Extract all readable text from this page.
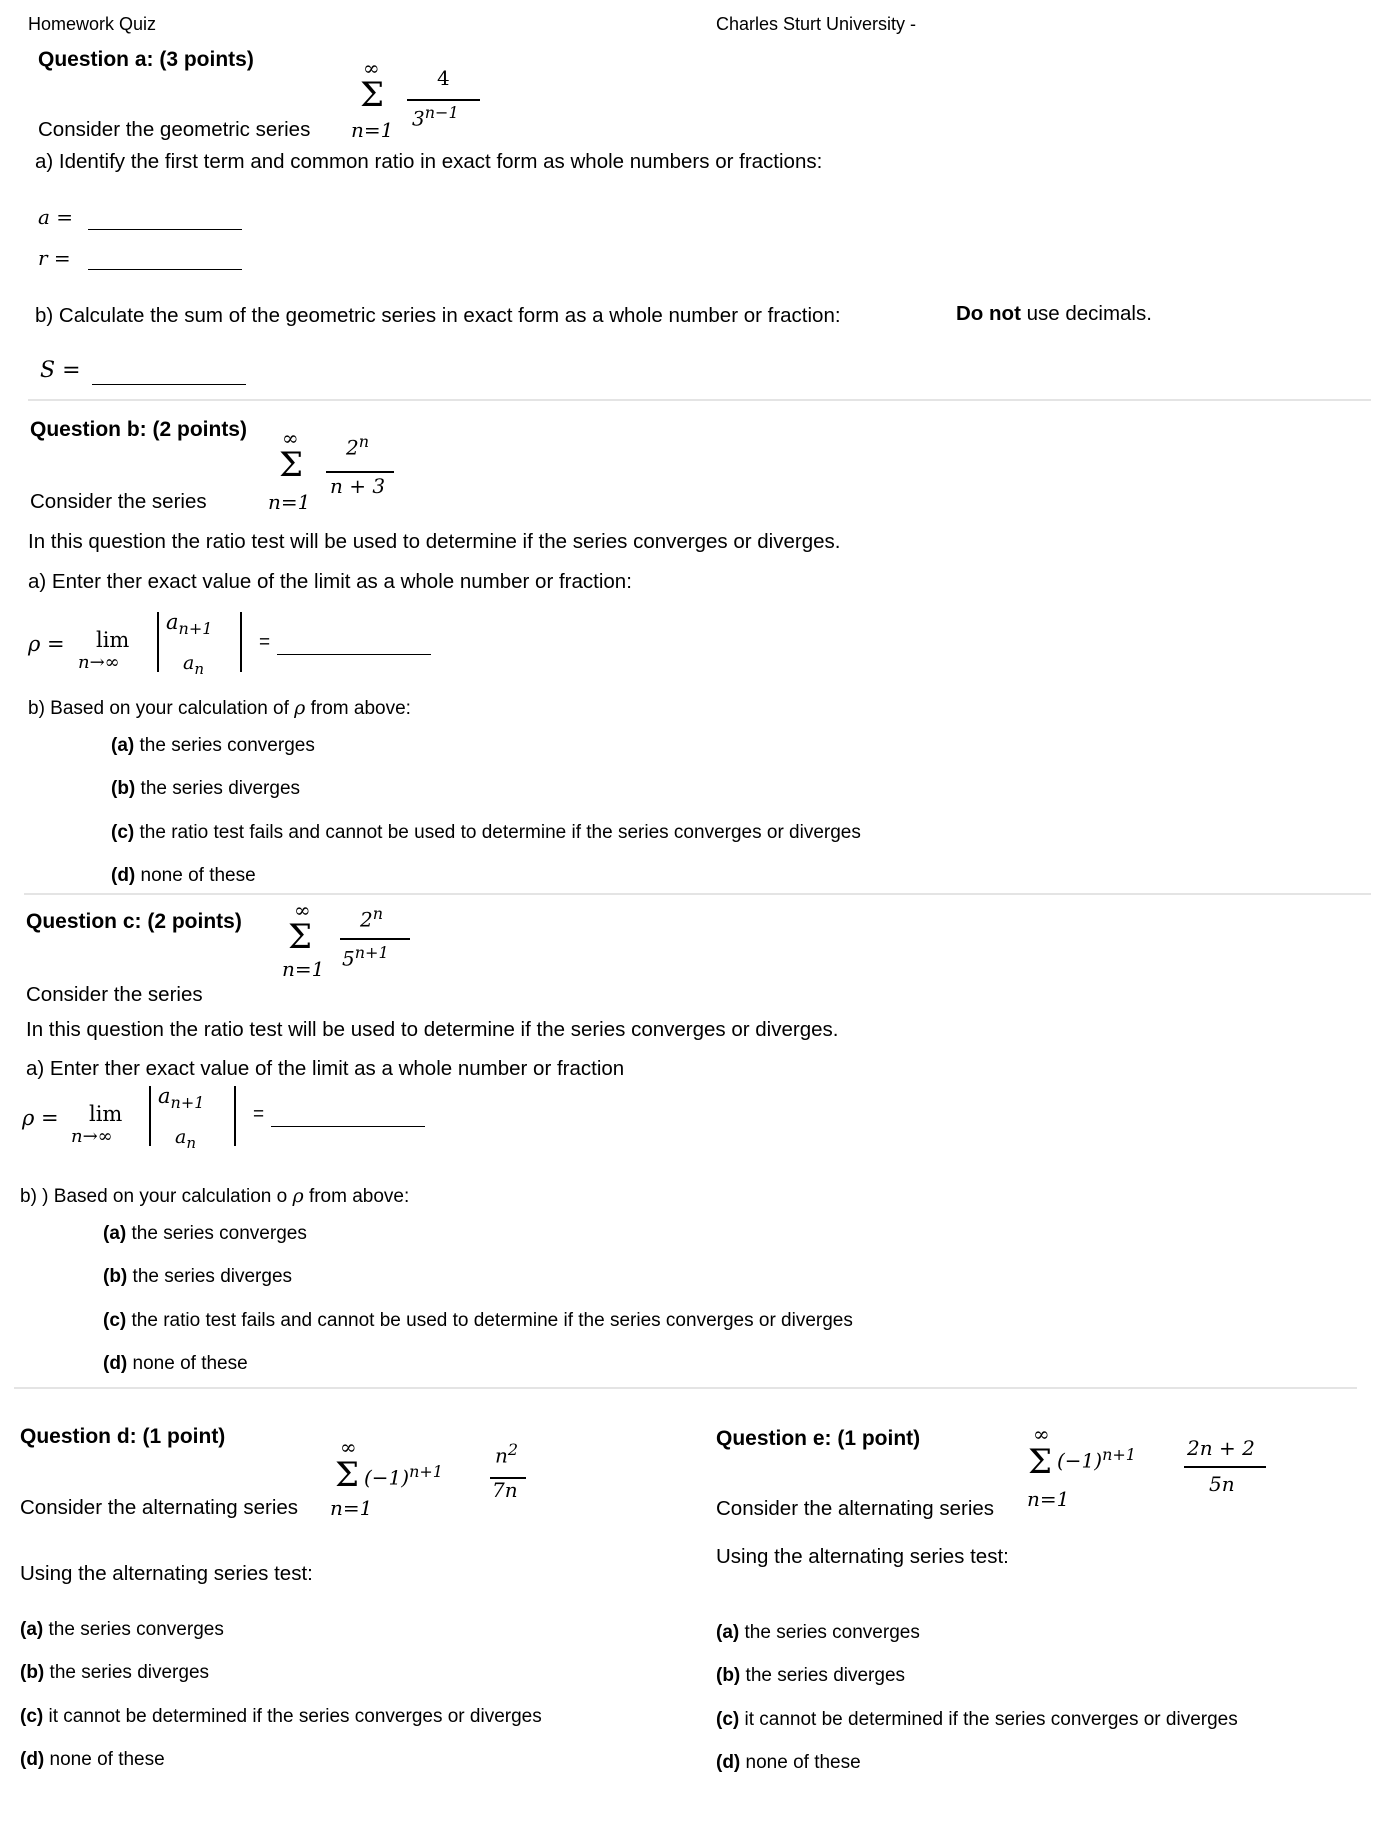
Homework Quiz	Charles Sturt University -
Question a: (3 points)	∞
Σ	4
$3^{n-1}$
Consider the geometric series n=1
a) Identify the first term and common ratio in exact form as whole numbers or fractions:
a =
r =
b) Calculate the sum of the geometric series in exact form as a whole number or fraction:	Do not use decimals.
S =
Question b: (2 points) ∞
Σ 2$^n$
n + 3
Consider the series	n=1
In this question the ratio test will be used to determine if the series converges or diverges.
a) Enter ther exact value of the limit as a whole number or fraction:
ρ = lim
n→∞
$a_{n+1}$
$a_n$
=
b) Based on your calculation of ρ from above:
(a) the series converges
(b) the series diverges
(c) the ratio test fails and cannot be used to determine if the series converges or diverges
(d) none of these
Question c: (2 points)	∞
Σ 2$^n$
$5^{n+1}$
n=1
Consider the series
In this question the ratio test will be used to determine if the series converges or diverges.
a) Enter ther exact value of the limit as a whole number or fraction
ρ = lim
n→∞
$a_{n+1}$
$a_n$
=
b) ) Based on your calculation o ρ from above:
(a) the series converges
(b) the series diverges
(c) the ratio test fails and cannot be used to determine if the series converges or diverges
(d) none of these
Question d: (1 point)	∞
Σ $(-1)^{n+1}$
$n^2$
7n
Consider the alternating series n=1
Using the alternating series test:
(a) the series converges
(b) the series diverges
(c) it cannot be determined if the series converges or diverges
(d) none of these
Question e: (1 point)	∞
Σ $(-1)^{n+1}$	2n + 2
5n
n=1
Consider the alternating series
Using the alternating series test:
(a) the series converges
(b) the series diverges
(c) it cannot be determined if the series converges or diverges
(d) none of these
